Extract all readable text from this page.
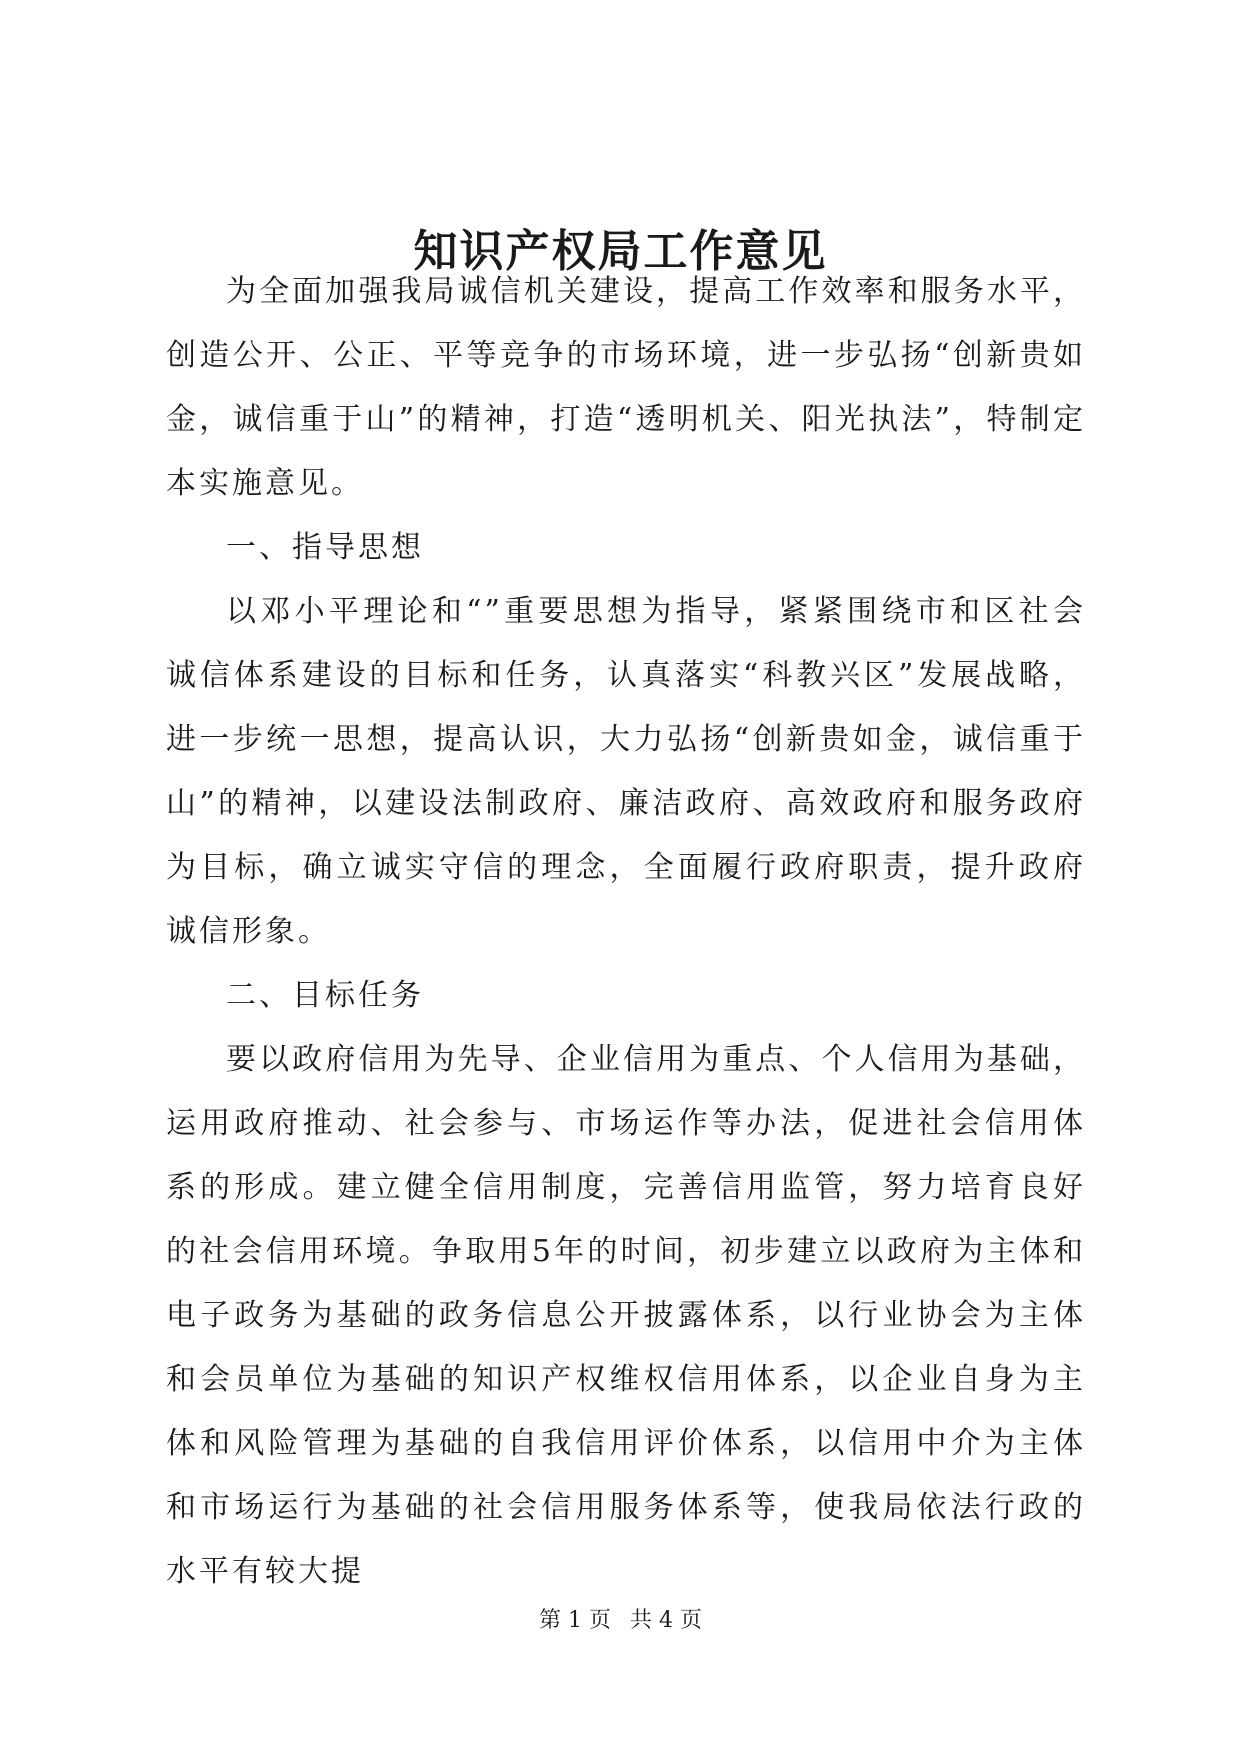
知识产权局工作意见

为全面加强我局诚信机关建设，提高工作效率和服务水平，创造公开、公正、平等竞争的市场环境，进一步弘扬“创新贵如金，诚信重于山”的精神，打造“透明机关、阳光执法”，特制定本实施意见。

一、指导思想

以邓小平理论和“”重要思想为指导，紧紧围绕市和区社会诚信体系建设的目标和任务，认真落实“科教兴区”发展战略，进一步统一思想，提高认识，大力弘扬“创新贵如金，诚信重于山”的精神，以建设法制政府、廉洁政府、高效政府和服务政府为目标，确立诚实守信的理念，全面履行政府职责，提升政府诚信形象。

二、目标任务

要以政府信用为先导、企业信用为重点、个人信用为基础，运用政府推动、社会参与、市场运作等办法，促进社会信用体系的形成。建立健全信用制度，完善信用监管，努力培育良好的社会信用环境。争取用5年的时间，初步建立以政府为主体和电子政务为基础的政务信息公开披露体系，以行业协会为主体和会员单位为基础的知识产权维权信用体系，以企业自身为主体和风险管理为基础的自我信用评价体系，以信用中介为主体和市场运行为基础的社会信用服务体系等，使我局依法行政的水平有较大提

第 1 页 共 4 页
